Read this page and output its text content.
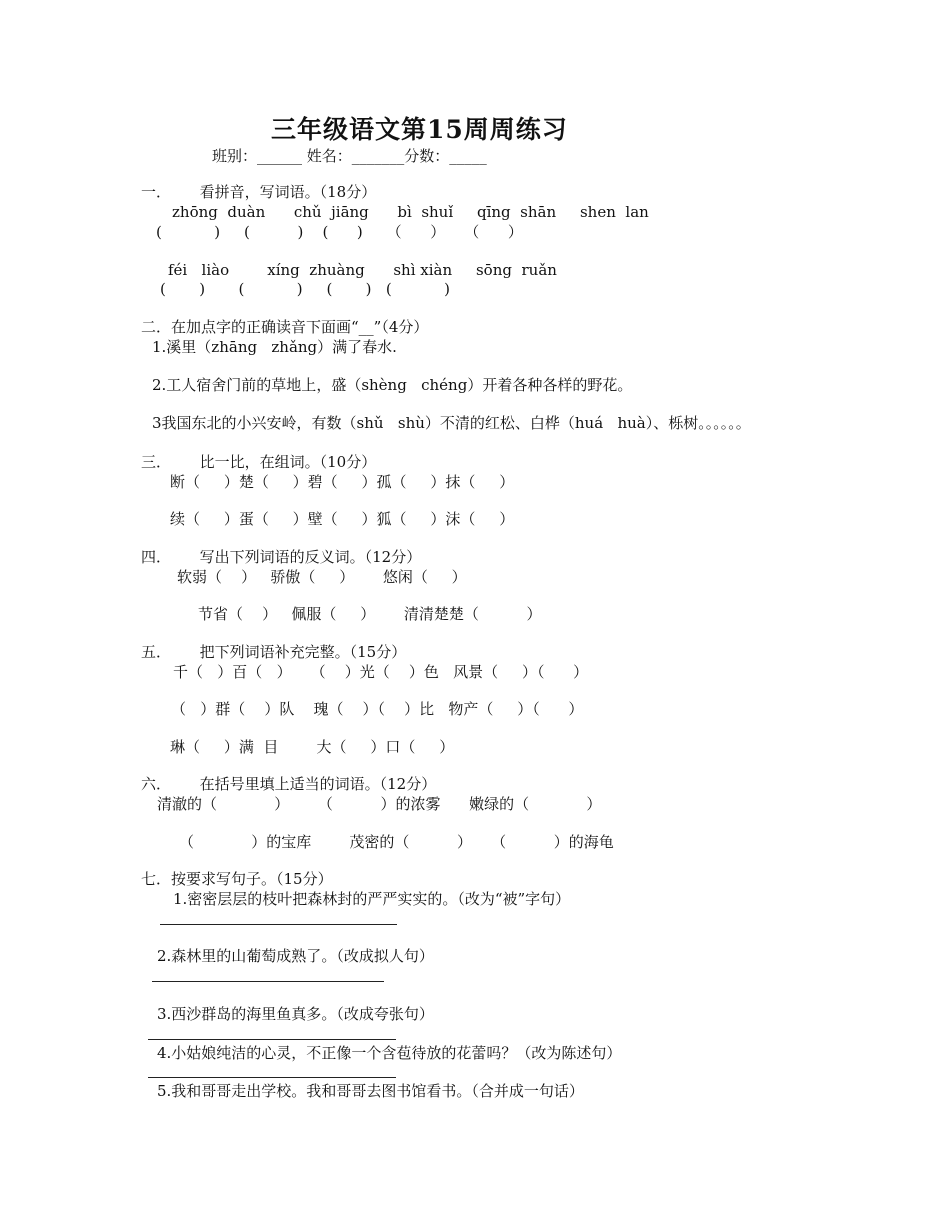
三年级语文第15周周练习
班别：______ 姓名：_______分数：_____
一．      看拼音，写词语。（18分）
zhōng  duàn      chǔ  jiāng      bì  shuǐ     qīng  shān     shen  lan
(           )     (          )    (      )     （      ）    （      ）
féi   liào        xíng  zhuàng      shì xiàn     sōng  ruǎn
(       )       (           )     (       )   (           )
二．在加点字的正确读音下面画“__”（4分）
1.溪里（zhāng   zhǎng）满了春水.
2.工人宿舍门前的草地上，盛（shèng   chéng）开着各种各样的野花。
3我国东北的小兴安岭，有数（shǔ   shù）不清的红松、白桦（huá   huà）、栎树。。。。。。
三．      比一比，在组词。（10分）
断（     ）楚（     ）碧（     ）孤（     ）抹（     ）
续（     ）蛋（     ）壁（     ）狐（     ）沫（     ）
四．      写出下列词语的反义词。（12分）
软弱（    ）   骄傲（     ）      悠闲（     ）
节省（    ）   佩服（     ）      清清楚楚（          ）
五．      把下列词语补充完整。（15分）
千（   ）百（   ）    （    ）光（    ）色   风景（     ）（      ）
（   ）群（    ）队    瑰（    ）（    ）比   物产（     ）（      ）
琳（     ）满  目        大（     ）口（     ）
六．      在括号里填上适当的词语。（12分）
清澈的（            ）      （          ）的浓雾      嫩绿的（            ）
（            ）的宝库        茂密的（          ）    （          ）的海龟
七．按要求写句子。（15分）
1.密密层层的枝叶把森林封的严严实实的。（改为“被”字句）
2.森林里的山葡萄成熟了。（改成拟人句）
3.西沙群岛的海里鱼真多。（改成夸张句）
4.小姑娘纯洁的心灵，不正像一个含苞待放的花蕾吗？（改为陈述句）
5.我和哥哥走出学校。我和哥哥去图书馆看书。（合并成一句话）
